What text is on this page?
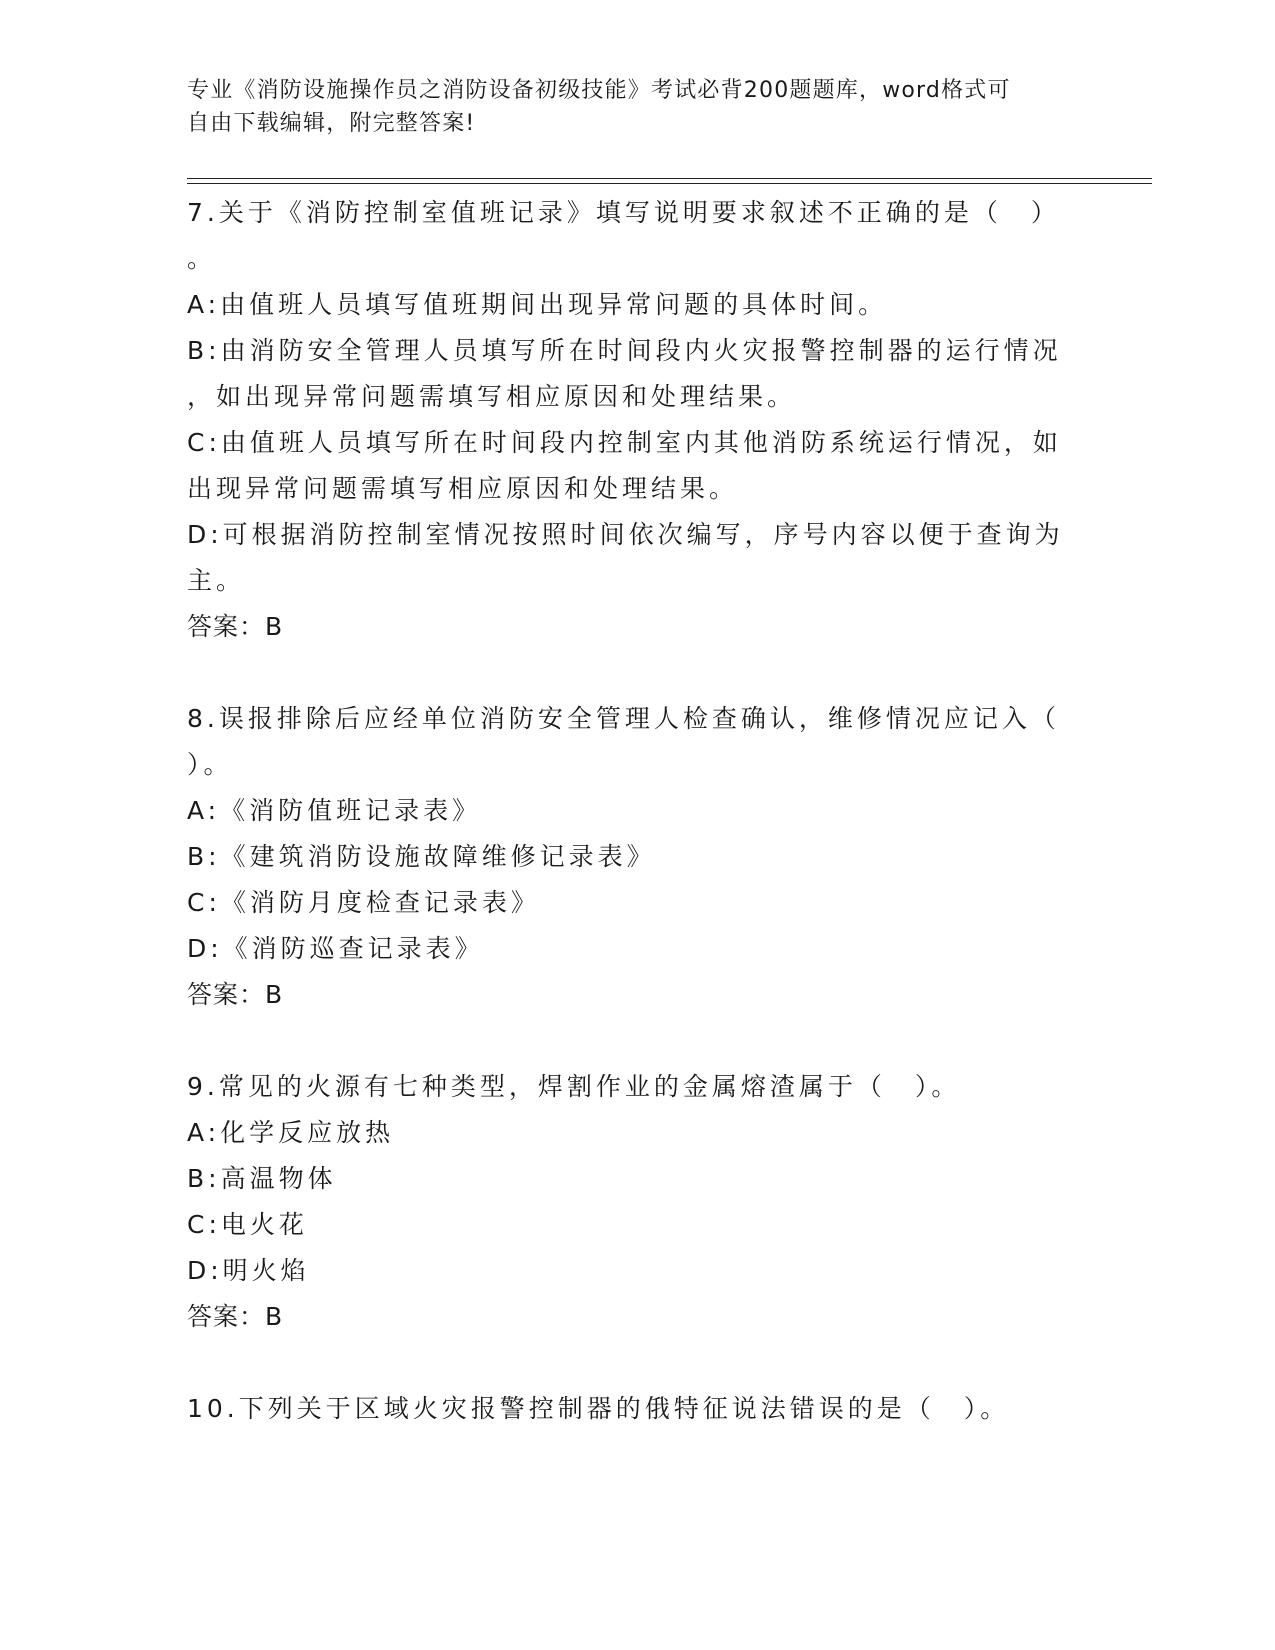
专业《消防设施操作员之消防设备初级技能》考试必背200题题库，word格式可
自由下载编辑，附完整答案!
7.关于《消防控制室值班记录》填写说明要求叙述不正确的是（　）
。
A:由值班人员填写值班期间出现异常问题的具体时间。
B:由消防安全管理人员填写所在时间段内火灾报警控制器的运行情况
，如出现异常问题需填写相应原因和处理结果。
C:由值班人员填写所在时间段内控制室内其他消防系统运行情况，如
出现异常问题需填写相应原因和处理结果。
D:可根据消防控制室情况按照时间依次编写，序号内容以便于查询为
主。
答案：B
8.误报排除后应经单位消防安全管理人检查确认，维修情况应记入（
）。
A:《消防值班记录表》
B:《建筑消防设施故障维修记录表》
C:《消防月度检查记录表》
D:《消防巡查记录表》
答案：B
9.常见的火源有七种类型，焊割作业的金属熔渣属于（　）。
A:化学反应放热
B:高温物体
C:电火花
D:明火焰
答案：B
10.下列关于区域火灾报警控制器的俄特征说法错误的是（　）。
